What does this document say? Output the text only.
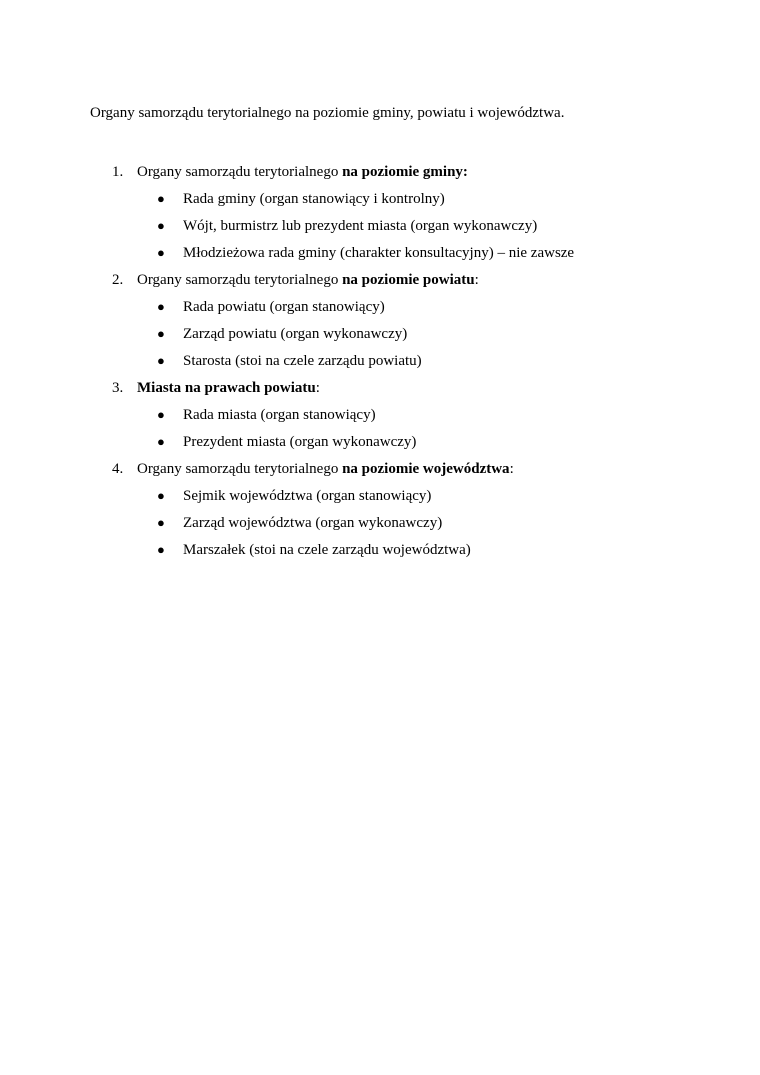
Organy samorządu terytorialnego na poziomie gminy, powiatu i województwa.

1. Organy samorządu terytorialnego na poziomie gminy:
● Rada gminy (organ stanowiący i kontrolny)
● Wójt, burmistrz lub prezydent miasta (organ wykonawczy)
● Młodzieżowa rada gminy (charakter konsultacyjny) – nie zawsze
2. Organy samorządu terytorialnego na poziomie powiatu:
● Rada powiatu (organ stanowiący)
● Zarząd powiatu (organ wykonawczy)
● Starosta (stoi na czele zarządu powiatu)
3. Miasta na prawach powiatu:
● Rada miasta (organ stanowiący)
● Prezydent miasta (organ wykonawczy)
4. Organy samorządu terytorialnego na poziomie województwa:
● Sejmik województwa (organ stanowiący)
● Zarząd województwa (organ wykonawczy)
● Marszałek (stoi na czele zarządu województwa)
